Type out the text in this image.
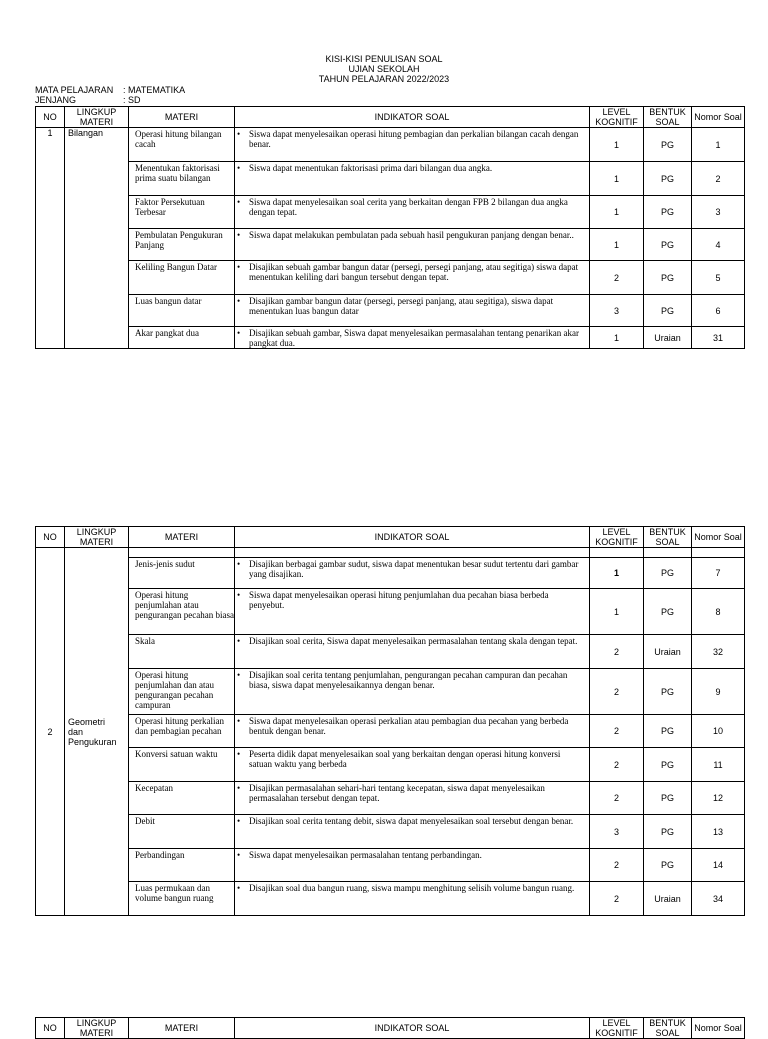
KISI-KISI PENULISAN SOAL
UJIAN SEKOLAH
TAHUN PELAJARAN 2022/2023
MATA PELAJARAN : MATEMATIKA
JENJANG	: SD
NO	LINGKUP MATERI	MATERI	INDIKATOR SOAL	LEVEL KOGNITIF	BENTUK SOAL	Nomor Soal
1	Bilangan	Operasi hitung bilangan cacah	• Siswa dapat menyelesaikan operasi hitung pembagian dan perkalian bilangan cacah dengan benar.	1	PG	1
		Menentukan faktorisasi prima suatu bilangan	• Siswa dapat menentukan faktorisasi prima dari bilangan dua angka.	1	PG	2
		Faktor Persekutuan Terbesar	• Siswa dapat menyelesaikan soal cerita yang berkaitan dengan FPB 2 bilangan dua angka dengan tepat.	1	PG	3
		Pembulatan Pengukuran Panjang	• Siswa dapat melakukan pembulatan pada sebuah hasil pengukuran panjang dengan benar..	1	PG	4
		Keliling Bangun Datar	• Disajikan sebuah gambar bangun datar (persegi, persegi panjang, atau segitiga) siswa dapat menentukan keliling dari bangun tersebut dengan tepat.	2	PG	5
		Luas bangun datar	• Disajikan gambar bangun datar (persegi, persegi panjang, atau segitiga), siswa dapat menentukan luas bangun datar	3	PG	6
		Akar pangkat dua	• Disajikan sebuah gambar, Siswa dapat menyelesaikan permasalahan tentang penarikan akar pangkat dua.	1	Uraian	31
NO	LINGKUP MATERI	MATERI	INDIKATOR SOAL	LEVEL KOGNITIF	BENTUK SOAL	Nomor Soal
2	Geometri dan Pengukuran					
		Jenis-jenis sudut	• Disajikan berbagai gambar sudut, siswa dapat menentukan besar sudut tertentu dari gambar yang disajikan.	1	PG	7
		Operasi hitung penjumlahan atau pengurangan pecahan biasa	• Siswa dapat menyelesaikan operasi hitung penjumlahan dua pecahan biasa berbeda penyebut.	1	PG	8
		Skala	• Disajikan soal cerita, Siswa dapat menyelesaikan permasalahan tentang skala dengan tepat.	2	Uraian	32
		Operasi hitung penjumlahan dan atau pengurangan pecahan campuran	• Disajikan soal cerita tentang penjumlahan, pengurangan pecahan campuran dan pecahan biasa, siswa dapat menyelesaikannya dengan benar.	2	PG	9
		Operasi hitung perkalian dan pembagian pecahan	• Siswa dapat menyelesaikan operasi perkalian atau pembagian dua pecahan yang berbeda bentuk dengan benar.	2	PG	10
		Konversi satuan waktu	• Peserta didik dapat menyelesaikan soal yang berkaitan dengan operasi hitung konversi satuan waktu yang berbeda	2	PG	11
		Kecepatan	• Disajikan permasalahan sehari-hari tentang kecepatan, siswa dapat menyelesaikan permasalahan tersebut dengan tepat.	2	PG	12
		Debit	• Disajikan soal cerita tentang debit, siswa dapat menyelesaikan soal tersebut dengan benar.	3	PG	13
		Perbandingan	• Siswa dapat menyelesaikan permasalahan tentang perbandingan.	2	PG	14
		Luas permukaan dan volume bangun ruang	• Disajikan soal dua bangun ruang, siswa mampu menghitung selisih volume bangun ruang.	2	Uraian	34
NO	LINGKUP MATERI	MATERI	INDIKATOR SOAL	LEVEL KOGNITIF	BENTUK SOAL	Nomor Soal
